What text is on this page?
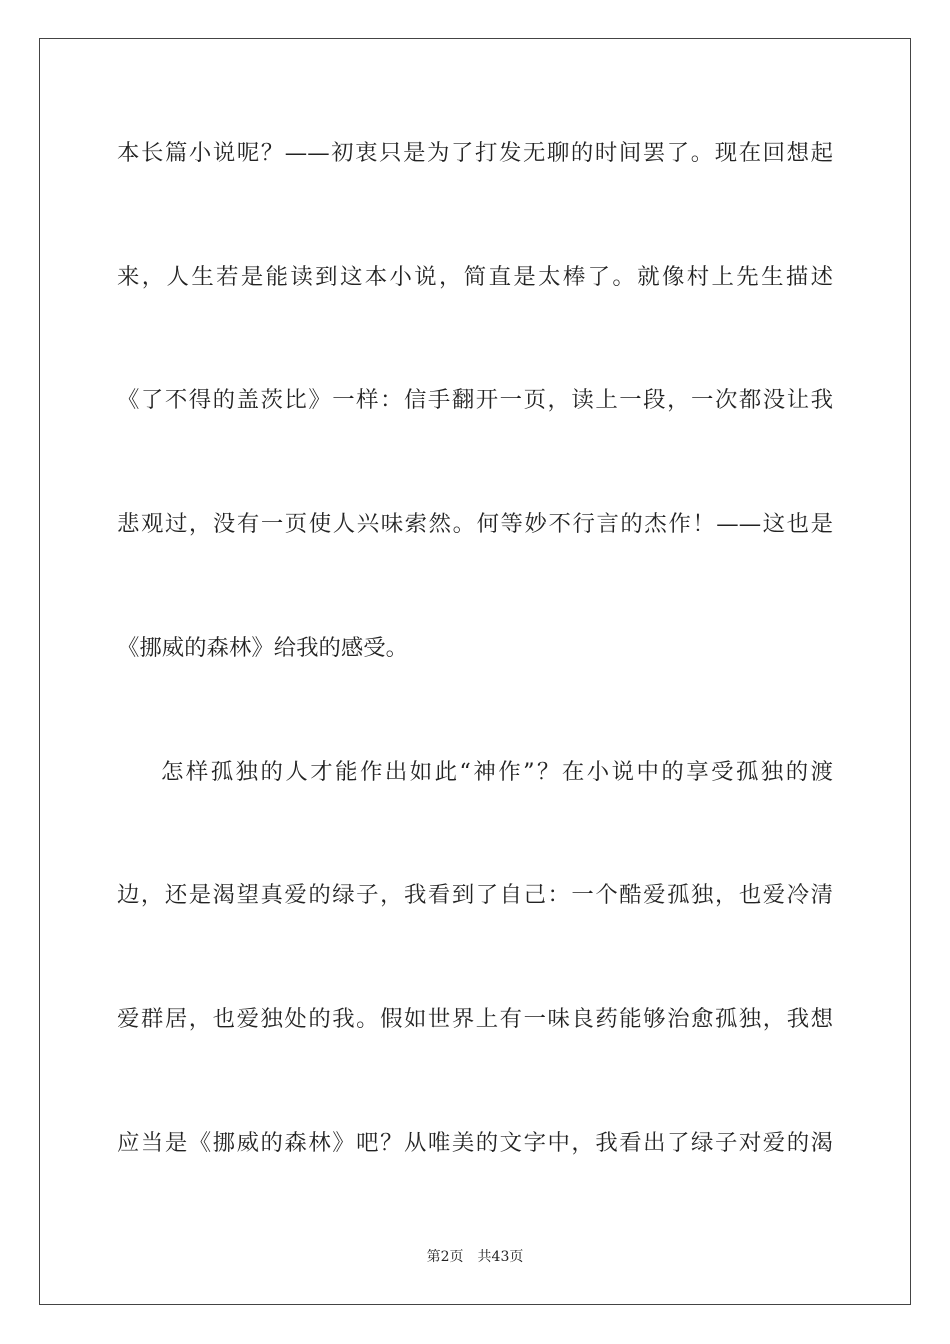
本长篇小说呢？——初衷只是为了打发无聊的时间罢了。现在回想起
来，人生若是能读到这本小说，简直是太棒了。就像村上先生描述
《了不得的盖茨比》一样：信手翻开一页，读上一段，一次都没让我
悲观过，没有一页使人兴味索然。何等妙不行言的杰作！——这也是
《挪威的森林》给我的感受。
怎样孤独的人才能作出如此“神作”？在小说中的享受孤独的渡
边，还是渴望真爱的绿子，我看到了自己：一个酷爱孤独，也爱冷清
爱群居，也爱独处的我。假如世界上有一味良药能够治愈孤独，我想
应当是《挪威的森林》吧？从唯美的文字中，我看出了绿子对爱的渴
第2页 共43页
